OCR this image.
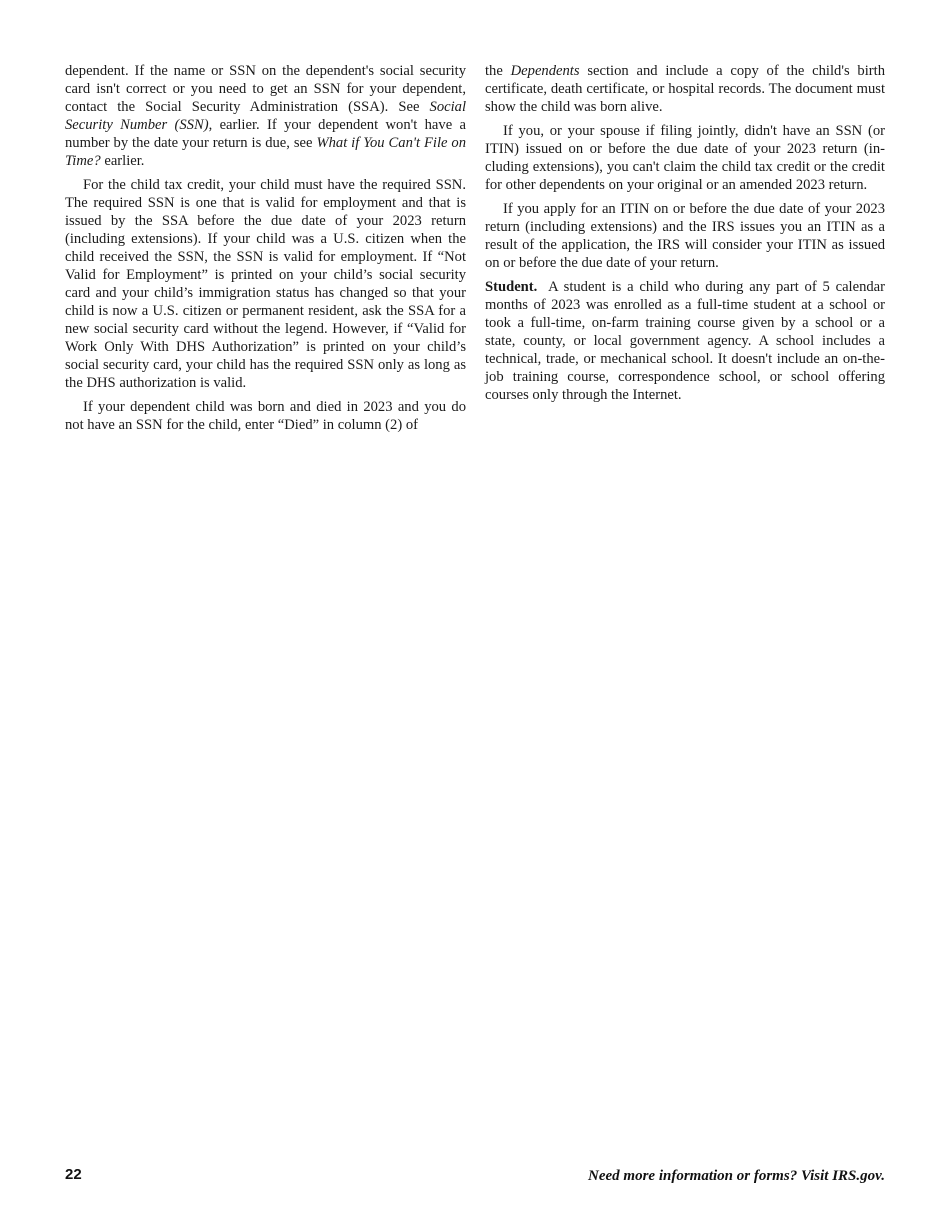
dependent. If the name or SSN on the dependent's social security card isn't correct or you need to get an SSN for your dependent, contact the Social Security Administration (SSA). See Social Security Number (SSN), earlier. If your dependent won't have a number by the date your return is due, see What if You Can't File on Time? earlier.

For the child tax credit, your child must have the required SSN. The required SSN is one that is valid for employment and that is issued by the SSA before the due date of your 2023 return (including extensions). If your child was a U.S. citizen when the child received the SSN, the SSN is valid for employment. If “Not Valid for Employment” is printed on your child’s social security card and your child’s immigration status has changed so that your child is now a U.S. citizen or permanent resident, ask the SSA for a new social security card without the legend. However, if “Valid for Work Only With DHS Authorization” is printed on your child’s social security card, your child has the required SSN only as long as the DHS authorization is valid.

If your dependent child was born and died in 2023 and you do not have an SSN for the child, enter “Died” in column (2) of

the Dependents section and include a copy of the child's birth certificate, death certificate, or hospital records. The document must show the child was born alive.

If you, or your spouse if filing jointly, didn't have an SSN (or ITIN) issued on or before the due date of your 2023 return (including extensions), you can't claim the child tax credit or the credit for other dependents on your original or an amended 2023 return.

If you apply for an ITIN on or before the due date of your 2023 return (including extensions) and the IRS issues you an ITIN as a result of the application, the IRS will consider your ITIN as issued on or before the due date of your return.

Student. A student is a child who during any part of 5 calendar months of 2023 was enrolled as a full-time student at a school or took a full-time, on-farm training course given by a school or a state, county, or local government agency. A school includes a technical, trade, or mechanical school. It doesn't include an on-the-job training course, correspondence school, or school offering courses only through the Internet.

22	Need more information or forms? Visit IRS.gov.
